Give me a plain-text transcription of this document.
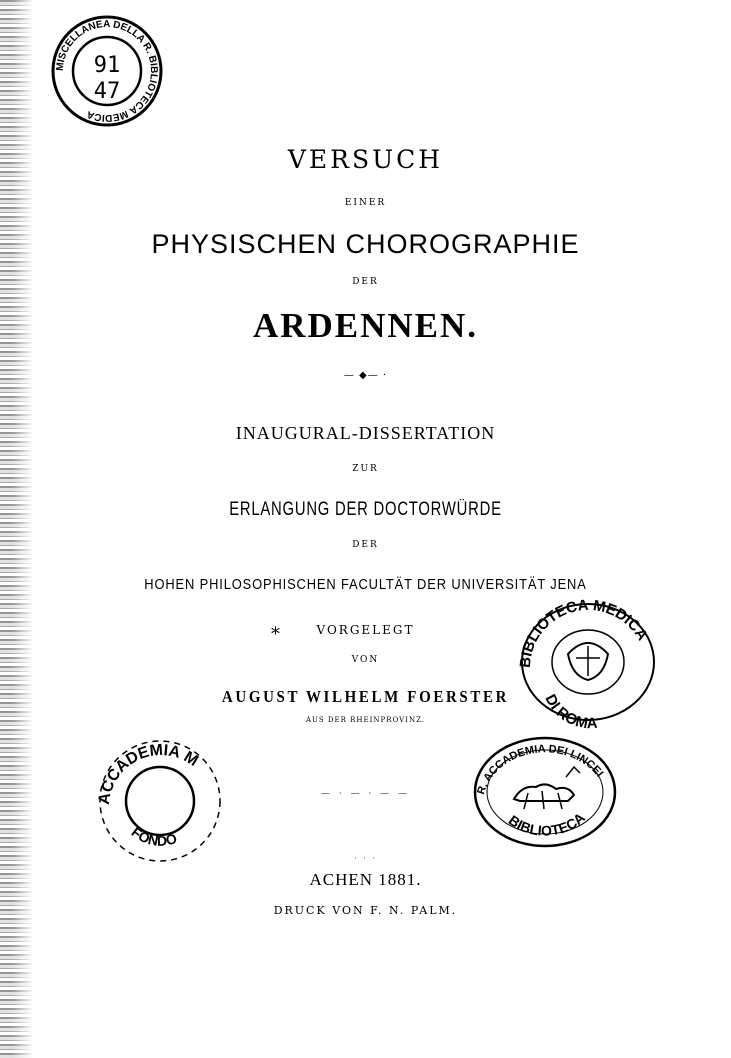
VERSUCH
EINER
PHYSISCHEN CHOROGRAPHIE
DER
ARDENNEN.
— ◆— ·
INAUGURAL-DISSERTATION
ZUR
ERLANGUNG DER DOCTORWÜRDE
DER
HOHEN PHILOSOPHISCHEN FACULTÄT DER UNIVERSITÄT JENA
VORGELEGT
VON
AUGUST WILHELM FOERSTER
AUS DER RHEINPROVINZ.
— · — · — —
· · ·
ACHEN 1881.
DRUCK VON F. N. PALM.
⁎
MISCELLANEA DELLA R. BIBLIOTECA MEDICA
91
47
BIBLIOTECA MEDICA
DI ROMA
ACCADEMIA M
FONDO
R. ACCADEMIA DEI LINCEI
BIBLIOTECA
